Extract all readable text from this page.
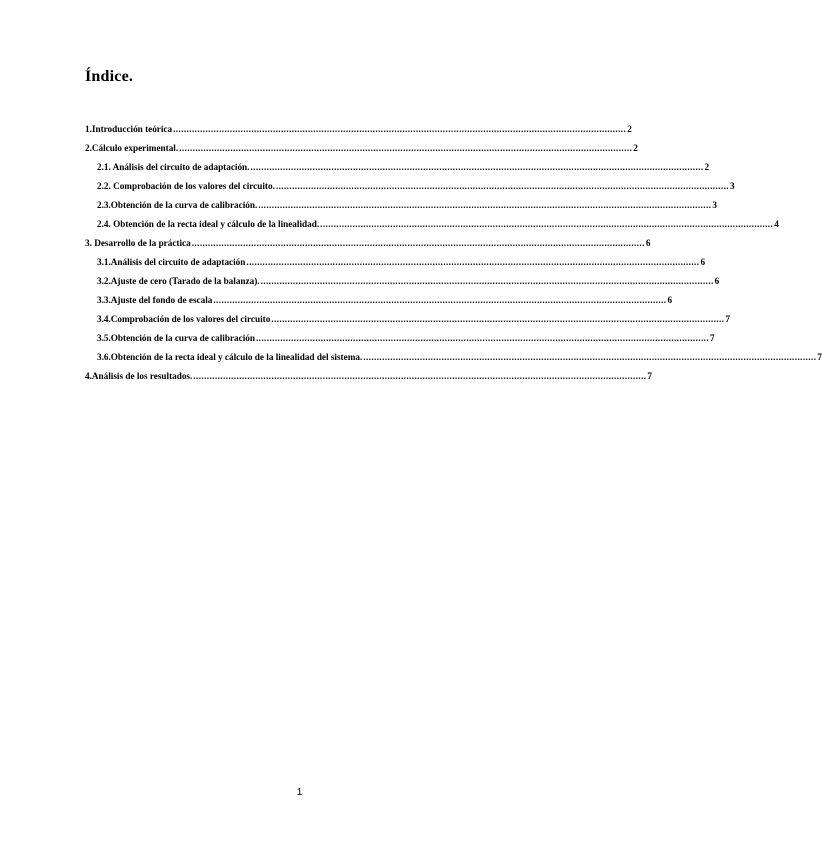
Índice.
1.Introducción teórica ........................................................................................................................................................................ 2
2.Cálculo experimental. ........................................................................................................................................................................ 2
2.1. Análisis del circuito de adaptación. ........................................................................................................................................................................ 2
2.2. Comprobación de los valores del circuito. ........................................................................................................................................................................ 3
2.3.Obtención de la curva de calibración. ........................................................................................................................................................................ 3
2.4. Obtención de la recta ideal y cálculo de la linealidad. ........................................................................................................................................................................ 4
3. Desarrollo de la práctica ........................................................................................................................................................................ 6
3.1.Análisis del circuito de adaptación ........................................................................................................................................................................ 6
3.2.Ajuste de cero (Tarado de la balanza). ........................................................................................................................................................................ 6
3.3.Ajuste del fondo de escala ........................................................................................................................................................................ 6
3.4.Comprobación de los valores del circuito ........................................................................................................................................................................ 7
3.5.Obtención de la curva de calibración ........................................................................................................................................................................ 7
3.6.Obtención de la recta ideal y cálculo de la linealidad del sistema. ........................................................................................................................................................................ 7
4.Análisis de los resultados. ........................................................................................................................................................................ 7
1
